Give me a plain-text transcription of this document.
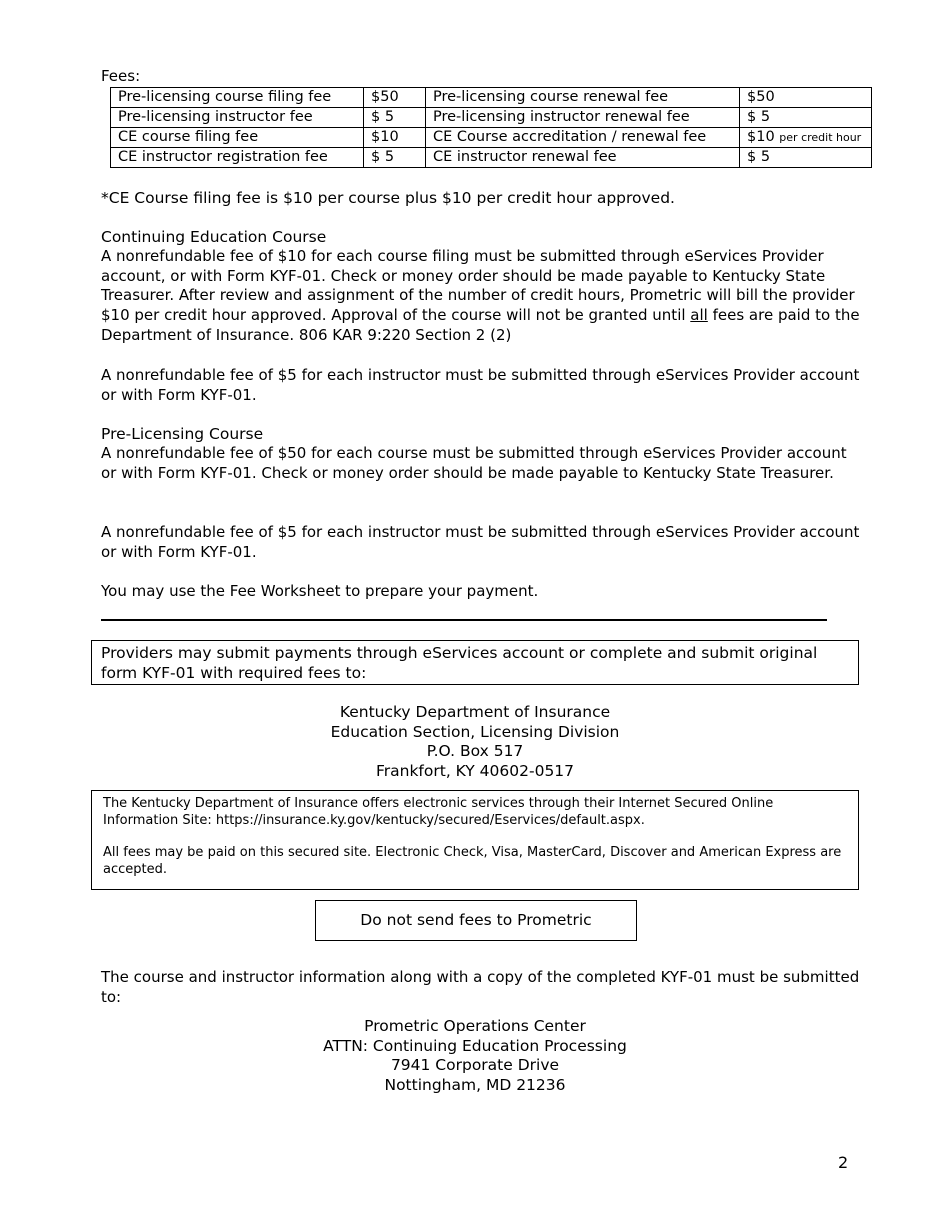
Fees:
Pre-licensing course filing fee	$50	Pre-licensing course renewal fee	$50
Pre-licensing instructor fee	$ 5	Pre-licensing instructor renewal fee	$ 5
CE course filing fee	$10	CE Course accreditation / renewal fee	$10 per credit hour
CE instructor registration fee	$ 5	CE instructor renewal fee	$ 5
*CE Course filing fee is $10 per course plus $10 per credit hour approved.
Continuing Education Course
A nonrefundable fee of $10 for each course filing must be submitted through eServices Provider account, or with Form KYF-01. Check or money order should be made payable to Kentucky State Treasurer. After review and assignment of the number of credit hours, Prometric will bill the provider $10 per credit hour approved. Approval of the course will not be granted until all fees are paid to the Department of Insurance. 806 KAR 9:220 Section 2 (2)
A nonrefundable fee of $5 for each instructor must be submitted through eServices Provider account or with Form KYF-01.
Pre-Licensing Course
A nonrefundable fee of $50 for each course must be submitted through eServices Provider account or with Form KYF-01. Check or money order should be made payable to Kentucky State Treasurer.
A nonrefundable fee of $5 for each instructor must be submitted through eServices Provider account or with Form KYF-01.
You may use the Fee Worksheet to prepare your payment.
Providers may submit payments through eServices account or complete and submit original form KYF-01 with required fees to:
Kentucky Department of Insurance
Education Section, Licensing Division
P.O. Box 517
Frankfort, KY 40602-0517

The Kentucky Department of Insurance offers electronic services through their Internet Secured Online Information Site: https://insurance.ky.gov/kentucky/secured/Eservices/default.aspx.

All fees may be paid on this secured site. Electronic Check, Visa, MasterCard, Discover and American Express are accepted.

Do not send fees to Prometric
The course and instructor information along with a copy of the completed KYF-01 must be submitted to:
Prometric Operations Center
ATTN: Continuing Education Processing
7941 Corporate Drive
Nottingham, MD 21236
2
